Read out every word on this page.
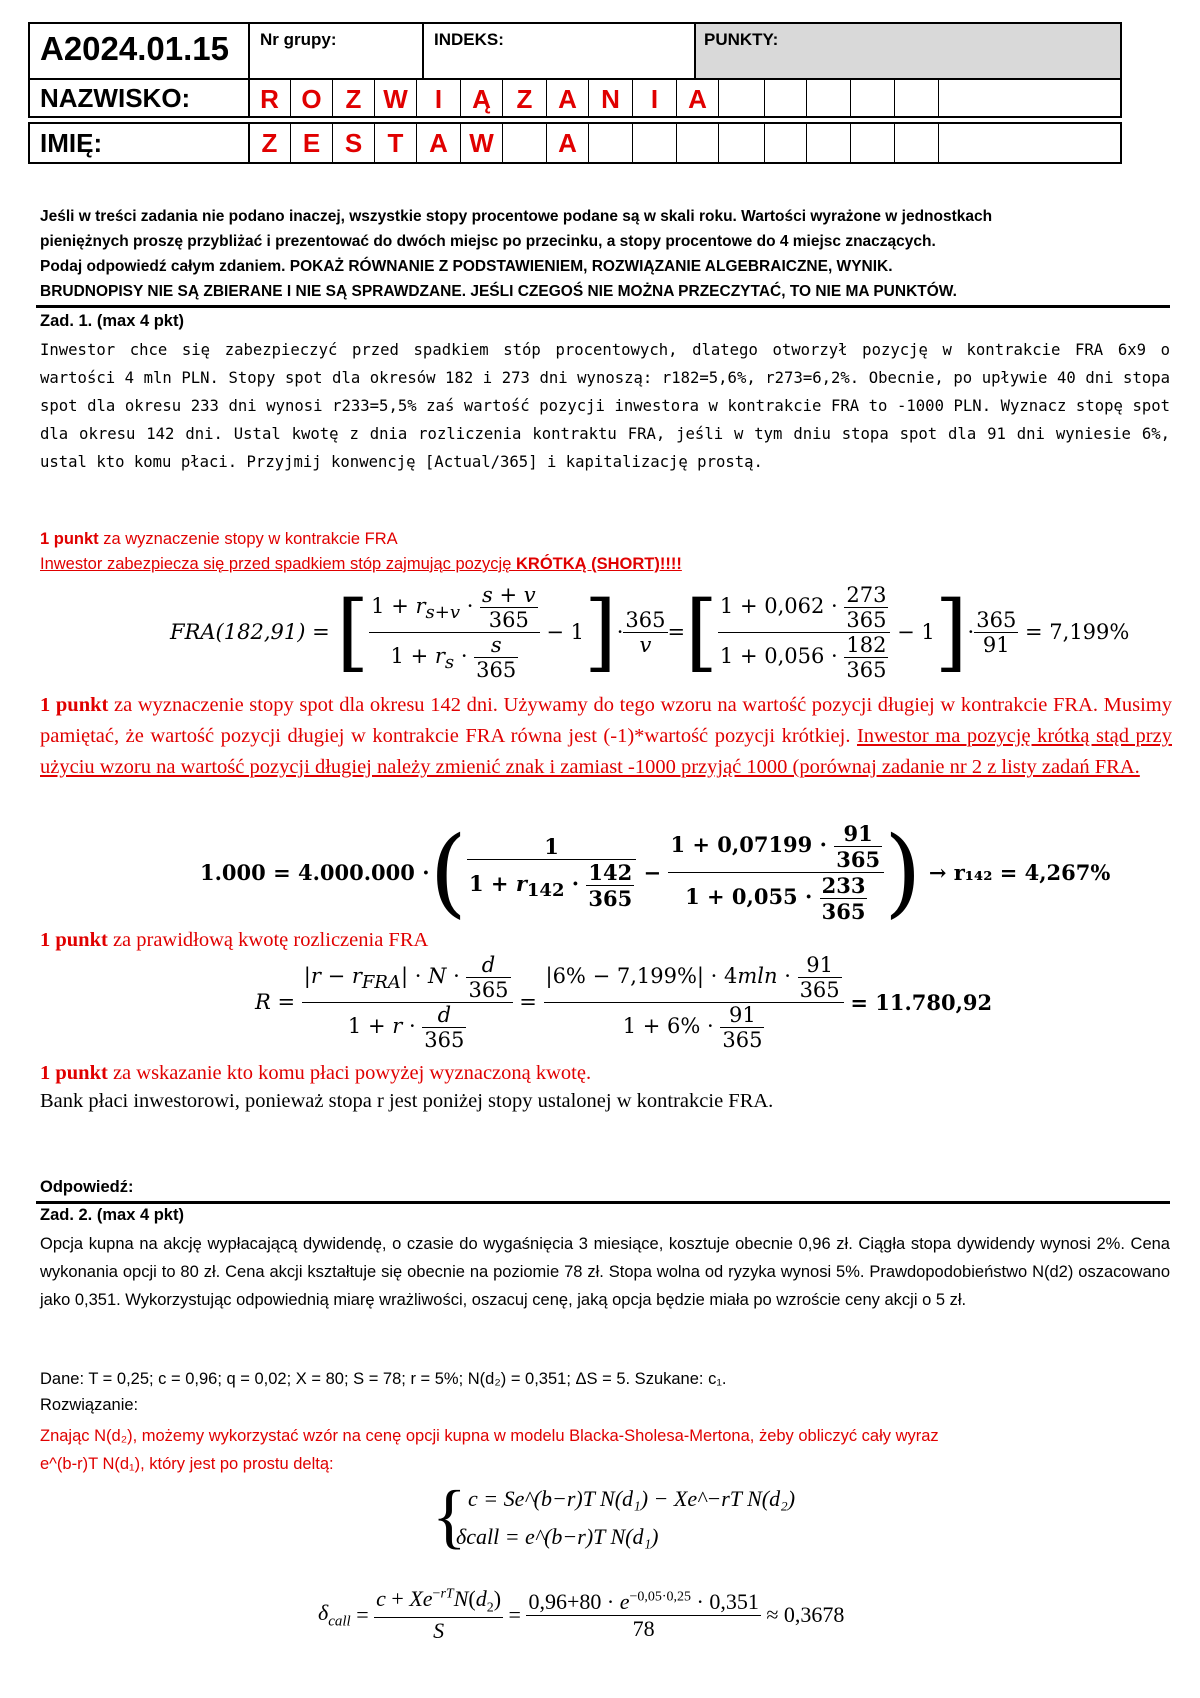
A2024.01.15 Nr grupy:	INDEKS:	PUNKTY:
NAZWISKO:	R O Z W	I	Ą Z A N	I	A
IMIĘ:	Z E S T A W	A
Jeśli w treści zadania nie podano inaczej, wszystkie stopy procentowe podane są w skali roku. Wartości wyrażone w jednostkach
pieniężnych proszę przybliżać i prezentować do dwóch miejsc po przecinku, a stopy procentowe do 4 miejsc znaczących.
Podaj odpowiedź całym zdaniem. POKAŻ RÓWNANIE Z PODSTAWIENIEM, ROZWIĄZANIE ALGEBRAICZNE, WYNIK.
BRUDNOPISY NIE SĄ ZBIERANE I NIE SĄ SPRAWDZANE. JEŚLI CZEGOŚ NIE MOŻNA PRZECZYTAĆ, TO NIE MA PUNKTÓW.
Zad. 1. (max 4 pkt)
Inwestor chce się zabezpieczyć przed spadkiem stóp procentowych, dlatego otworzył pozycję w kontrakcie FRA 6x9 o wartości 4 mln PLN. Stopy spot dla okresów 182 i 273 dni wynoszą: r182=5,6%, r273=6,2%. Obecnie, po upływie 40 dni stopa spot dla okresu 233 dni wynosi r233=5,5% zaś wartość pozycji inwestora w kontrakcie FRA to -1000 PLN. Wyznacz stopę spot dla okresu 142 dni. Ustal kwotę z dnia rozliczenia kontraktu FRA, jeśli w tym dniu stopa spot dla 91 dni wyniesie 6%, ustal kto komu płaci. Przyjmij konwencję [Actual/365] i kapitalizację prostą.
1 punkt za wyznaczenie stopy w kontrakcie FRA
Inwestor zabezpiecza się przed spadkiem stóp zajmując pozycję KRÓTKĄ (SHORT)!!!!
FRA(182,91) =
[ $\frac{1 + r_{s+v} \cdot \frac{s + v}{365}}{1 + r_s \cdot \frac{s}{365}} - 1$ ] · $\frac{365}{v}$ = [ $\frac{1 + 0,062 \cdot \frac{273}{365}}{1 + 0,056 \cdot \frac{182}{365}} - 1$ ] · $\frac{365}{91}$
= 7,199%
1 punkt za wyznaczenie stopy spot dla okresu 142 dni. Używamy do tego wzoru na wartość pozycji długiej w kontrakcie FRA. Musimy pamiętać, że wartość pozycji długiej w kontrakcie FRA równa jest (-1)*wartość pozycji krótkiej. Inwestor ma pozycję krótką stąd przy użyciu wzoru na wartość pozycji długiej należy zmienić znak i zamiast -1000 przyjąć 1000 (porównaj zadanie nr 2 z listy zadań FRA.
1.000 = 4.000.000 · ( $\frac{1}{1 + r_{142} \cdot \frac{142}{365}} - \frac{1 + 0,07199 \cdot \frac{91}{365}}{1 + 0,055 \cdot \frac{233}{365}}$ )
→ r₁₄₂ = 4,267%
1 punkt za prawidłową kwotę rozliczenia FRA
$R = \frac{|r - r_{FRA}| \cdot N \cdot \frac{d}{365}}{1 + r \cdot \frac{d}{365}} = \frac{|6\% - 7,199\%| \cdot 4mln \cdot \frac{91}{365}}{1 + 6\% \cdot \frac{91}{365}}$
= 11.780,92
1 punkt za wskazanie kto komu płaci powyżej wyznaczoną kwotę.
Bank płaci inwestorowi, ponieważ stopa r jest poniżej stopy ustalonej w kontrakcie FRA.
Odpowiedź:
Zad. 2. (max 4 pkt)
Opcja kupna na akcję wypłacającą dywidendę, o czasie do wygaśnięcia 3 miesiące, kosztuje obecnie 0,96 zł. Ciągła stopa dywidendy wynosi 2%. Cena wykonania opcji to 80 zł. Cena akcji kształtuje się obecnie na poziomie 78 zł. Stopa wolna od ryzyka wynosi 5%. Prawdopodobieństwo N(d2) oszacowano jako 0,351. Wykorzystując odpowiednią miarę wrażliwości, oszacuj cenę, jaką opcja będzie miała po wzroście ceny akcji o 5 zł.
Dane: T = 0,25; c = 0,96; q = 0,02; X = 80; S = 78; r = 5%; N(d₂) = 0,351; ΔS = 5. Szukane: c₁.
Rozwiązanie:
Znając N(d₂), możemy wykorzystać wzór na cenę opcji kupna w modelu Blacka-Sholesa-Mertona, żeby obliczyć cały wyraz
e^(b-r)T N(d₁), który jest po prostu deltą:
{ c = Se^(b−r)T N(d₁) − Xe^−rT N(d₂)
δcall = e^(b−r)T N(d₁)
$\delta_{call} = \frac{c + Xe^{-rT}N(d_2)}{S} = \frac{0,96+80 \cdot e^{-0,05\cdot 0,25} \cdot 0,351}{78}$
≈ 0,3678
